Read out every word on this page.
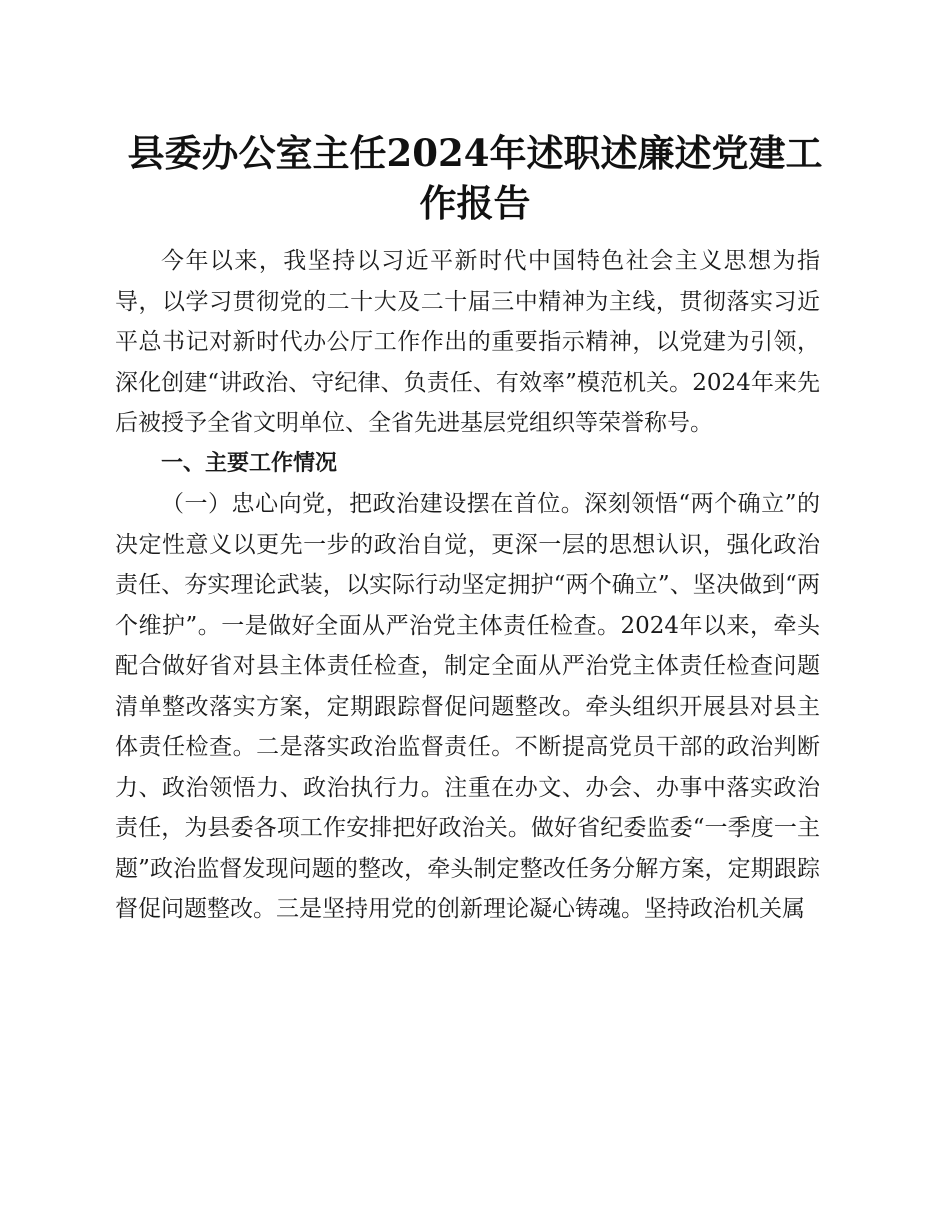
县委办公室主任2024年述职述廉述党建工作报告

今年以来，我坚持以习近平新时代中国特色社会主义思想为指导，以学习贯彻党的二十大及二十届三中精神为主线，贯彻落实习近平总书记对新时代办公厅工作作出的重要指示精神，以党建为引领，深化创建“讲政治、守纪律、负责任、有效率”模范机关。2024年来先后被授予全省文明单位、全省先进基层党组织等荣誉称号。

一、主要工作情况

（一）忠心向党，把政治建设摆在首位。深刻领悟“两个确立”的决定性意义以更先一步的政治自觉，更深一层的思想认识，强化政治责任、夯实理论武装，以实际行动坚定拥护“两个确立”、坚决做到“两个维护”。一是做好全面从严治党主体责任检查。2024年以来，牵头配合做好省对县主体责任检查，制定全面从严治党主体责任检查问题清单整改落实方案，定期跟踪督促问题整改。牵头组织开展县对县主体责任检查。二是落实政治监督责任。不断提高党员干部的政治判断力、政治领悟力、政治执行力。注重在办文、办会、办事中落实政治责任，为县委各项工作安排把好政治关。做好省纪委监委“一季度一主题”政治监督发现问题的整改，牵头制定整改任务分解方案，定期跟踪督促问题整改。三是坚持用党的创新理论凝心铸魂。坚持政治机关属
